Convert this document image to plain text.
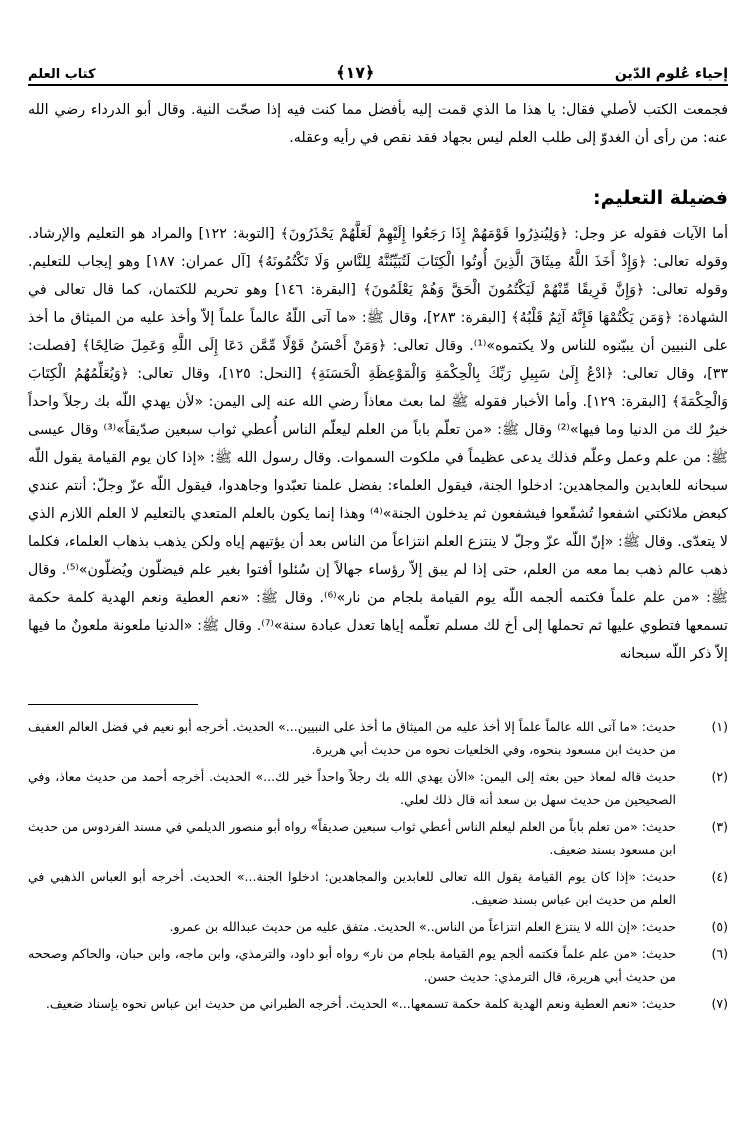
إحياء عُلوم الدّين
﴿١٧﴾
كتاب العلم

فجمعت الكتب لأصلي فقال: يا هذا ما الذي قمت إليه بأفضل مما كنت فيه إذا صحّت النية. وقال أبو الدرداء رضي الله عنه: من رأى أن الغدوّ إلى طلب العلم ليس بجهاد فقد نقص في رأيه وعقله.

فضيلة التعليم:

أما الآيات فقوله عز وجل: ﴿وَلِيُنذِرُوا قَوْمَهُمْ إِذَا رَجَعُوا إِلَيْهِمْ لَعَلَّهُمْ يَحْذَرُونَ﴾ [التوبة: ١٢٢] والمراد هو التعليم والإرشاد. وقوله تعالى: ﴿وَإِذْ أَخَذَ اللَّهُ مِيثَاقَ الَّذِينَ أُوتُوا الْكِتَابَ لَتُبَيِّنُنَّهُ لِلنَّاسِ وَلَا تَكْتُمُونَهُ﴾ [آل عمران: ١٨٧] وهو إيجاب للتعليم. وقوله تعالى: ﴿وَإِنَّ فَرِيقًا مِّنْهُمْ لَيَكْتُمُونَ الْحَقَّ وَهُمْ يَعْلَمُونَ﴾ [البقرة: ١٤٦] وهو تحريم للكتمان، كما قال تعالى في الشهادة: ﴿وَمَن يَكْتُمْهَا فَإِنَّهُ آثِمٌ قَلْبُهُ﴾ [البقرة: ٢٨٣]، وقال ﷺ: «ما آتى اللّهُ عالماً علماً إلاّ وأخذ عليه من الميثاق ما أخذ على النبيين أن يبيّنوه للناس ولا يكتموه»⁽¹⁾. وقال تعالى: ﴿وَمَنْ أَحْسَنُ قَوْلًا مِّمَّن دَعَا إِلَى اللَّهِ وَعَمِلَ صَالِحًا﴾ [فصلت: ٣٣]، وقال تعالى: ﴿ادْعُ إِلَىٰ سَبِيلِ رَبِّكَ بِالْحِكْمَةِ وَالْمَوْعِظَةِ الْحَسَنَةِ﴾ [النحل: ١٢٥]، وقال تعالى: ﴿وَيُعَلِّمُهُمُ الْكِتَابَ وَالْحِكْمَةَ﴾ [البقرة: ١٢٩]. وأما الأخبار فقوله ﷺ لما بعث معاذاً رضي الله عنه إلى اليمن: «لأن يهدي اللّه بك رجلاً واحداً خيرٌ لك من الدنيا وما فيها»⁽²⁾ وقال ﷺ: «من تعلّم باباً من العلم ليعلّم الناس أُعطي ثواب سبعين صدّيقاً»⁽³⁾ وقال عيسى ﷺ: من علم وعمل وعلّم فذلك يدعى عظيماً في ملكوت السموات. وقال رسول الله ﷺ: «إذا كان يوم القيامة يقول اللّه سبحانه للعابدين والمجاهدين: ادخلوا الجنة، فيقول العلماء: بفضل علمنا تعبّدوا وجاهدوا، فيقول اللّه عزّ وجلّ: أنتم عندي كبعض ملائكتي اشفعوا تُشفّعوا فيشفعون ثم يدخلون الجنة»⁽⁴⁾ وهذا إنما يكون بالعلم المتعدي بالتعليم لا العلم اللازم الذي لا يتعدّى. وقال ﷺ: «إنّ اللّه عزّ وجلّ لا ينتزع العلم انتزاعاً من الناس بعد أن يؤتيهم إياه ولكن يذهب بذهاب العلماء، فكلما ذهب عالم ذهب بما معه من العلم، حتى إذا لم يبق إلاّ رؤساء جهالاً إن سُئلوا أفتوا بغير علم فيضلّون ويُضلّون»⁽⁵⁾. وقال ﷺ: «من علم علماً فكتمه ألجمه اللّه يوم القيامة بلجام من نار»⁽⁶⁾. وقال ﷺ: «نعم العطية ونعم الهدية كلمة حكمة تسمعها فتطوي عليها ثم تحملها إلى أخ لك مسلم تعلّمه إياها تعدل عبادة سنة»⁽⁷⁾. وقال ﷺ: «الدنيا ملعونة ملعونٌ ما فيها إلاّ ذكر اللّه سبحانه

(١)
حديث: «ما آتى الله عالماً علماً إلا أخذ عليه من الميثاق ما أخذ على النبيين...» الحديث. أخرجه أبو نعيم في فضل العالم العفيف من حديث ابن مسعود بنحوه، وفي الخلعيات نحوه من حديث أبي هريرة.
(٢)
حديث قاله لمعاذ حين بعثه إلى اليمن: «الأن يهدي الله بك رجلاً واحداً خير لك...» الحديث. أخرجه أحمد من حديث معاذ، وفي الصحيحين من حديث سهل بن سعد أنه قال ذلك لعلي.
(٣)
حديث: «من تعلم باباً من العلم ليعلم الناس أعطي ثواب سبعين صديقاً» رواه أبو منصور الديلمي في مسند الفردوس من حديث ابن مسعود بسند ضعيف.
(٤)
حديث: «إذا كان يوم القيامة يقول الله تعالى للعابدين والمجاهدين: ادخلوا الجنة...» الحديث. أخرجه أبو العباس الذهبي في العلم من حديث ابن عباس بسند ضعيف.
(٥)
حديث: «إن الله لا ينتزع العلم انتزاعاً من الناس..» الحديث. متفق عليه من حديث عبدالله بن عمرو.
(٦)
حديث: «من علم علماً فكتمه ألجم يوم القيامة بلجام من نار» رواه أبو داود، والترمذي، وابن ماجه، وابن حبان، والحاكم وصححه من حديث أبي هريرة، قال الترمذي: حديث حسن.
(٧)
حديث: «نعم العطية ونعم الهدية كلمة حكمة تسمعها...» الحديث. أخرجه الطبراني من حديث ابن عباس نحوه بإسناد ضعيف.
